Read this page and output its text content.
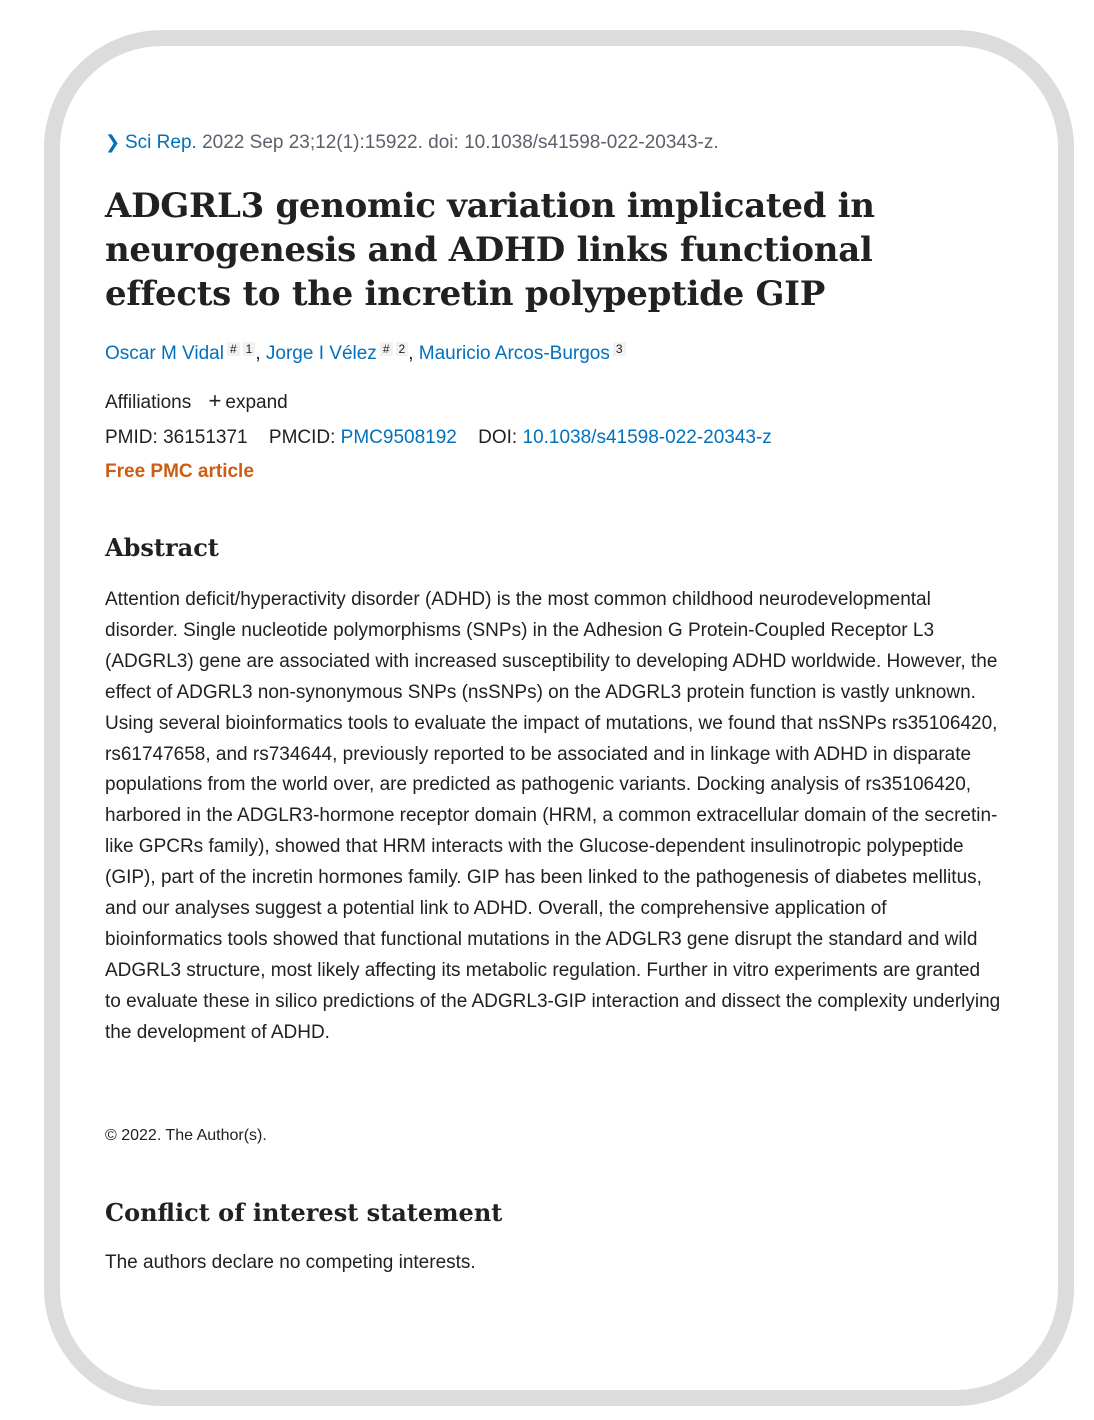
❯ Sci Rep. 2022 Sep 23;12(1):15922. doi: 10.1038/s41598-022-20343-z.
ADGRL3 genomic variation implicated in neurogenesis and ADHD links functional effects to the incretin polypeptide GIP
Oscar M Vidal # 1 , Jorge I Vélez # 2 , Mauricio Arcos-Burgos 3
Affiliations + expand
PMID: 36151371 PMCID: PMC9508192 DOI: 10.1038/s41598-022-20343-z
Free PMC article
Abstract

Attention deficit/hyperactivity disorder (ADHD) is the most common childhood neurodevelopmental disorder. Single nucleotide polymorphisms (SNPs) in the Adhesion G Protein-Coupled Receptor L3 (ADGRL3) gene are associated with increased susceptibility to developing ADHD worldwide. However, the effect of ADGRL3 non-synonymous SNPs (nsSNPs) on the ADGRL3 protein function is vastly unknown. Using several bioinformatics tools to evaluate the impact of mutations, we found that nsSNPs rs35106420, rs61747658, and rs734644, previously reported to be associated and in linkage with ADHD in disparate populations from the world over, are predicted as pathogenic variants. Docking analysis of rs35106420, harbored in the ADGLR3-hormone receptor domain (HRM, a common extracellular domain of the secretin-like GPCRs family), showed that HRM interacts with the Glucose-dependent insulinotropic polypeptide (GIP), part of the incretin hormones family. GIP has been linked to the pathogenesis of diabetes mellitus, and our analyses suggest a potential link to ADHD. Overall, the comprehensive application of bioinformatics tools showed that functional mutations in the ADGLR3 gene disrupt the standard and wild ADGRL3 structure, most likely affecting its metabolic regulation. Further in vitro experiments are granted to evaluate these in silico predictions of the ADGRL3-GIP interaction and dissect the complexity underlying the development of ADHD.

© 2022. The Author(s).
Conflict of interest statement
The authors declare no competing interests.
